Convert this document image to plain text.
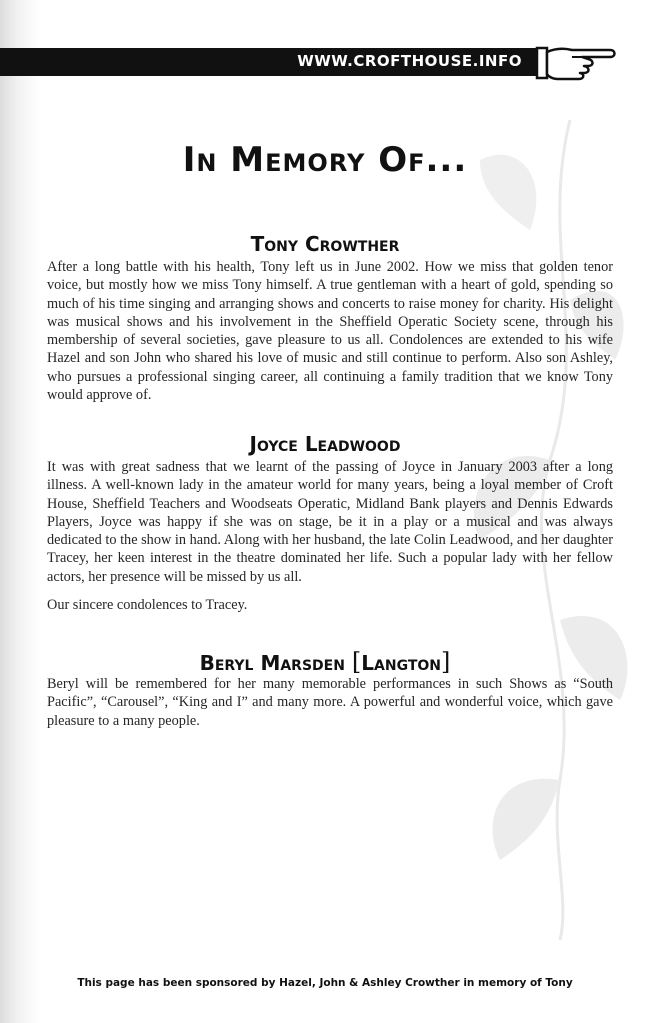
WWW.CROFTHOUSE.INFO
In Memory Of...
Tony Crowther
After a long battle with his health, Tony left us in June 2002. How we miss that golden tenor voice, but mostly how we miss Tony himself. A true gentleman with a heart of gold, spending so much of his time singing and arranging shows and concerts to raise money for charity. His delight was musical shows and his involvement in the Sheffield Operatic Society scene, through his membership of several societies, gave pleasure to us all. Condolences are extended to his wife Hazel and son John who shared his love of music and still continue to perform. Also son Ashley, who pursues a professional singing career, all continuing a family tradition that we know Tony would approve of.
Joyce Leadwood
It was with great sadness that we learnt of the passing of Joyce in January 2003 after a long illness. A well-known lady in the amateur world for many years, being a loyal member of Croft House, Sheffield Teachers and Woodseats Operatic, Midland Bank players and Dennis Edwards Players, Joyce was happy if she was on stage, be it in a play or a musical and was always dedicated to the show in hand. Along with her husband, the late Colin Leadwood, and her daughter Tracey, her keen interest in the theatre dominated her life. Such a popular lady with her fellow actors, her presence will be missed by us all.
Our sincere condolences to Tracey.
Beryl Marsden [Langton]
Beryl will be remembered for her many memorable performances in such Shows as “South Pacific”, “Carousel”, “King and I” and many more. A powerful and wonderful voice, which gave pleasure to a many people.
This page has been sponsored by Hazel, John & Ashley Crowther in memory of Tony
